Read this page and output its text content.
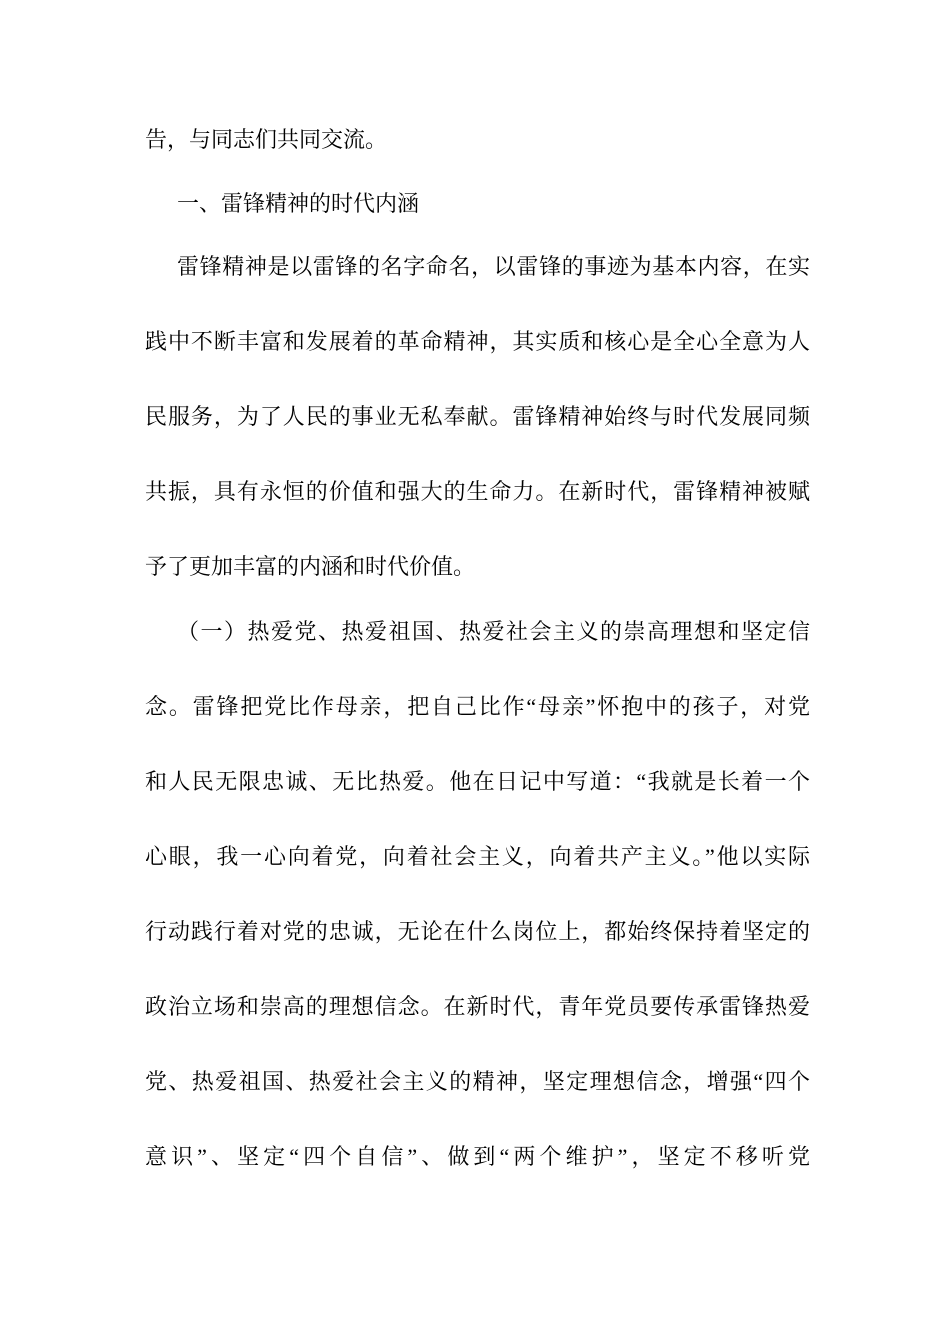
告，与同志们共同交流。
一、雷锋精神的时代内涵
雷锋精神是以雷锋的名字命名，以雷锋的事迹为基本内容，在实
践中不断丰富和发展着的革命精神，其实质和核心是全心全意为人
民服务，为了人民的事业无私奉献。雷锋精神始终与时代发展同频
共振，具有永恒的价值和强大的生命力。在新时代，雷锋精神被赋
予了更加丰富的内涵和时代价值。
（一）热爱党、热爱祖国、热爱社会主义的崇高理想和坚定信
念。雷锋把党比作母亲，把自己比作“母亲”怀抱中的孩子，对党
和人民无限忠诚、无比热爱。他在日记中写道：“我就是长着一个
心眼，我一心向着党，向着社会主义，向着共产主义。”他以实际
行动践行着对党的忠诚，无论在什么岗位上，都始终保持着坚定的
政治立场和崇高的理想信念。在新时代，青年党员要传承雷锋热爱
党、热爱祖国、热爱社会主义的精神，坚定理想信念，增强“四个
意识”、坚定“四个自信”、做到“两个维护”，坚定不移听党
